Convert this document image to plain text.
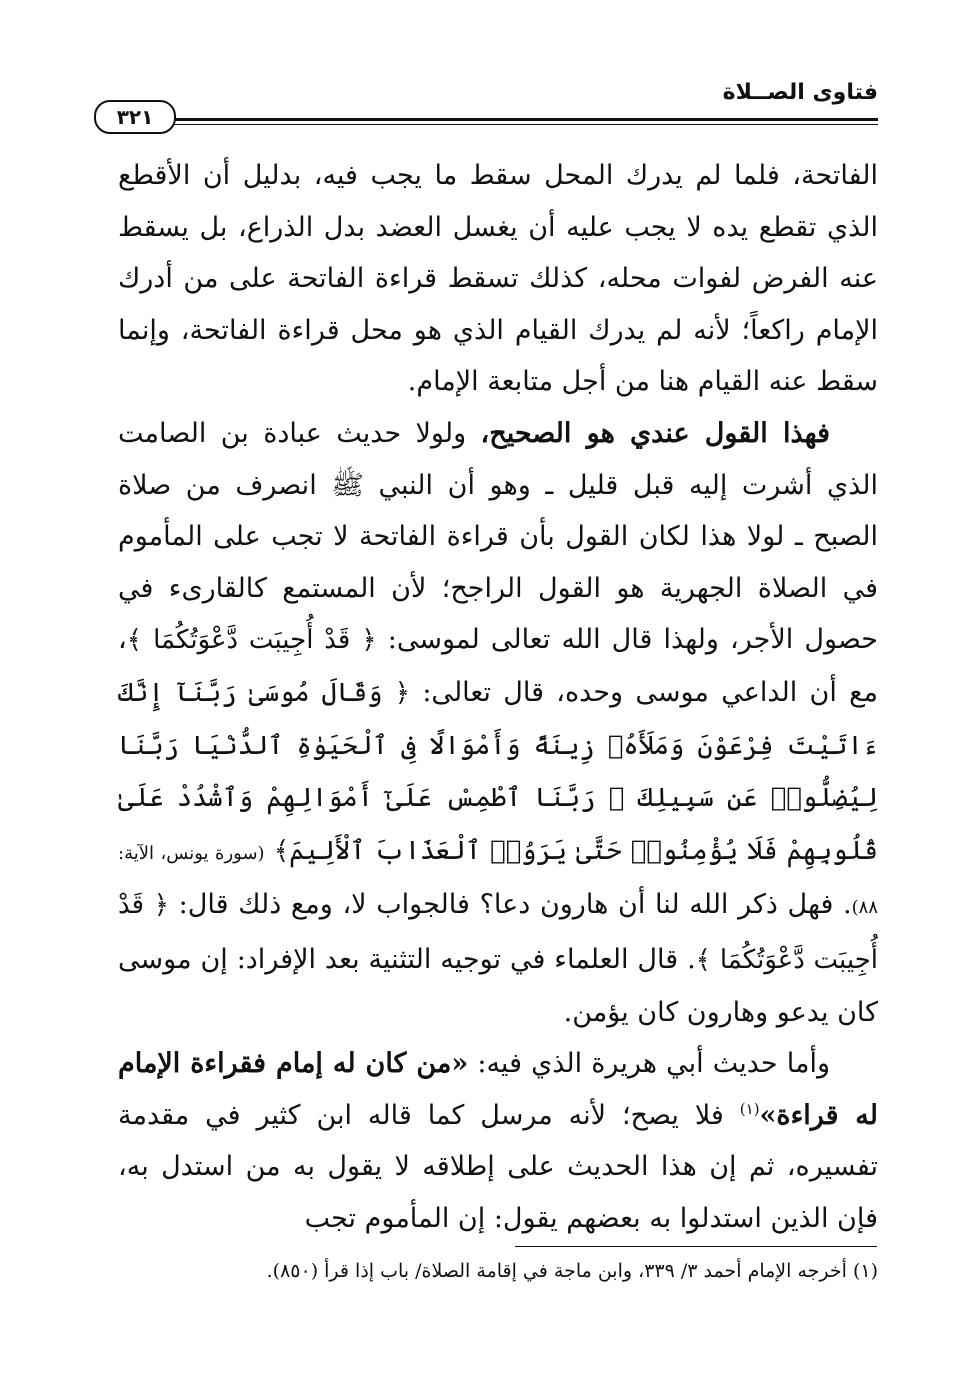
فتاوى الصــلاة
٣٢١

الفاتحة، فلما لم يدرك المحل سقط ما يجب فيه، بدليل أن الأقطع الذي تقطع يده لا يجب عليه أن يغسل العضد بدل الذراع، بل يسقط عنه الفرض لفوات محله، كذلك تسقط قراءة الفاتحة على من أدرك الإمام راكعاً؛ لأنه لم يدرك القيام الذي هو محل قراءة الفاتحة، وإنما سقط عنه القيام هنا من أجل متابعة الإمام.

فهذا القول عندي هو الصحيح، ولولا حديث عبادة بن الصامت الذي أشرت إليه قبل قليل ـ وهو أن النبي ﷺ انصرف من صلاة الصبح ـ لولا هذا لكان القول بأن قراءة الفاتحة لا تجب على المأموم في الصلاة الجهرية هو القول الراجح؛ لأن المستمع كالقارىء في حصول الأجر، ولهذا قال الله تعالى لموسى: ﴿ قَدْ أُجِيبَت دَّعْوَتُكُمَا ﴾، مع أن الداعي موسى وحده، قال تعالى: ﴿ وَقَالَ مُوسَىٰ رَبَّنَآ إِنَّكَ ءَاتَيْتَ فِرْعَوْنَ وَمَلَأَهُۥ زِينَةً وَأَمْوَالًا فِى ٱلْحَيَوٰةِ ٱلدُّنْيَا رَبَّنَا لِيُضِلُّوا۟ عَن سَبِيلِكَ ۖ رَبَّنَا ٱطْمِسْ عَلَىٰٓ أَمْوَالِهِمْ وَٱشْدُدْ عَلَىٰ قُلُوبِهِمْ فَلَا يُؤْمِنُوا۟ حَتَّىٰ يَرَوُا۟ ٱلْعَذَابَ ٱلْأَلِيمَ﴾ (سورة يونس، الآية: ٨٨). فهل ذكر الله لنا أن هارون دعا؟ فالجواب لا، ومع ذلك قال: ﴿ قَدْ أُجِيبَت دَّعْوَتُكُمَا ﴾. قال العلماء في توجيه التثنية بعد الإفراد: إن موسى كان يدعو وهارون كان يؤمن.

وأما حديث أبي هريرة الذي فيه: «من كان له إمام فقراءة الإمام له قراءة»$^{(١)}$ فلا يصح؛ لأنه مرسل كما قاله ابن كثير في مقدمة تفسيره، ثم إن هذا الحديث على إطلاقه لا يقول به من استدل به، فإن الذين استدلوا به بعضهم يقول: إن المأموم تجب

(١) أخرجه الإمام أحمد ٣/ ٣٣٩، وابن ماجة في إقامة الصلاة/ باب إذا قرأ (٨٥٠).
